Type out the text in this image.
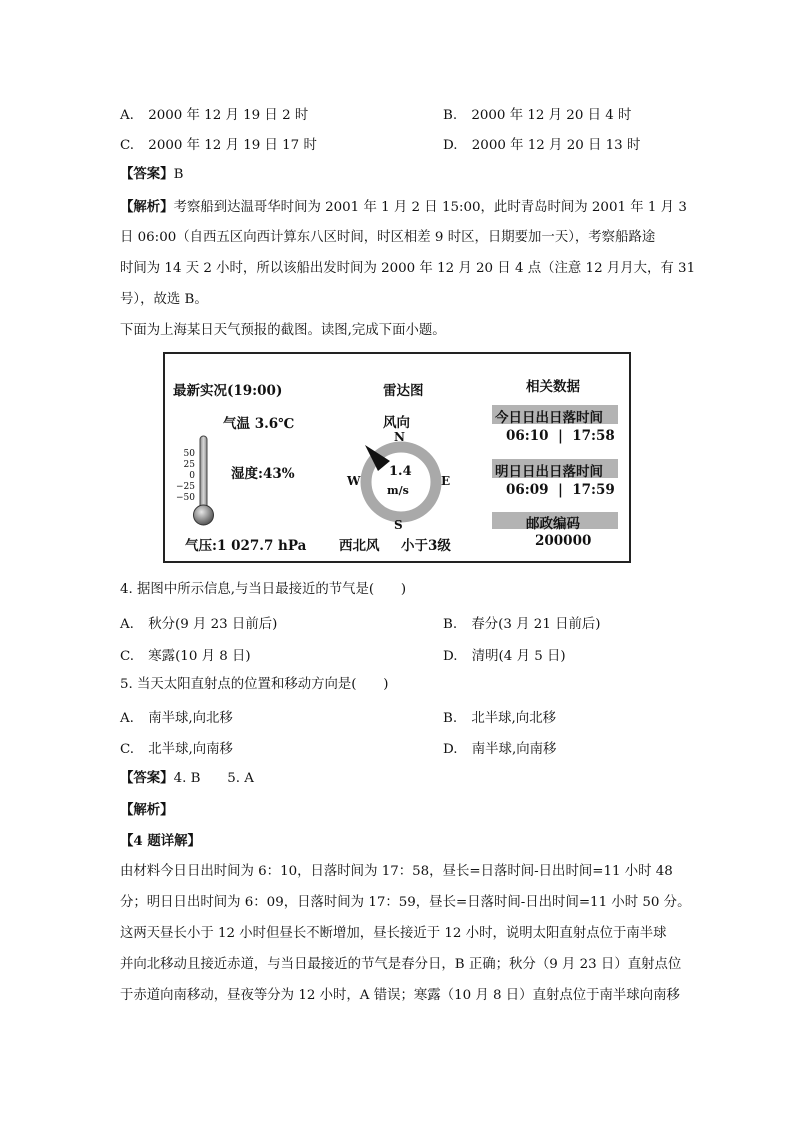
A. 2000 年 12 月 19 日 2 时	B. 2000 年 12 月 20 日 4 时
C. 2000 年 12 月 19 日 17 时	D. 2000 年 12 月 20 日 13 时
【答案】B
【解析】考察船到达温哥华时间为 2001 年 1 月 2 日 15:00，此时青岛时间为 2001 年 1 月 3
日 06:00（自西五区向西计算东八区时间，时区相差 9 时区，日期要加一天），考察船路途
时间为 14 天 2 小时，所以该船出发时间为 2000 年 12 月 20 日 4 点（注意 12 月月大，有 31
号），故选 B。
下面为上海某日天气预报的截图。读图,完成下面小题。
最新实况(19:00)
气温 3.6℃
湿度:43%
气压:1 027.7 hPa
50
25
0
−25
−50
雷达图
风向
N
S
W	E
1.4
m/s
西北风 小于3级
相关数据
今日日出日落时间
06:10  |  17:58
明日日出日落时间
06:09  |  17:59
邮政编码
200000
4. 据图中所示信息,与当日最接近的节气是(　　)
A. 秋分(9 月 23 日前后)	B. 春分(3 月 21 日前后)
C. 寒露(10 月 8 日)	D. 清明(4 月 5 日)
5. 当天太阳直射点的位置和移动方向是(　　)
A. 南半球,向北移	B. 北半球,向北移
C. 北半球,向南移	D. 南半球,向南移
【答案】4. B　　5. A
【解析】
【4 题详解】
由材料今日日出时间为 6：10，日落时间为 17：58，昼长=日落时间-日出时间=11 小时 48
分；明日日出时间为 6：09，日落时间为 17：59，昼长=日落时间-日出时间=11 小时 50 分。
这两天昼长小于 12 小时但昼长不断增加，昼长接近于 12 小时，说明太阳直射点位于南半球
并向北移动且接近赤道，与当日最接近的节气是春分日，B 正确；秋分（9 月 23 日）直射点位
于赤道向南移动，昼夜等分为 12 小时，A 错误；寒露（10 月 8 日）直射点位于南半球向南移
